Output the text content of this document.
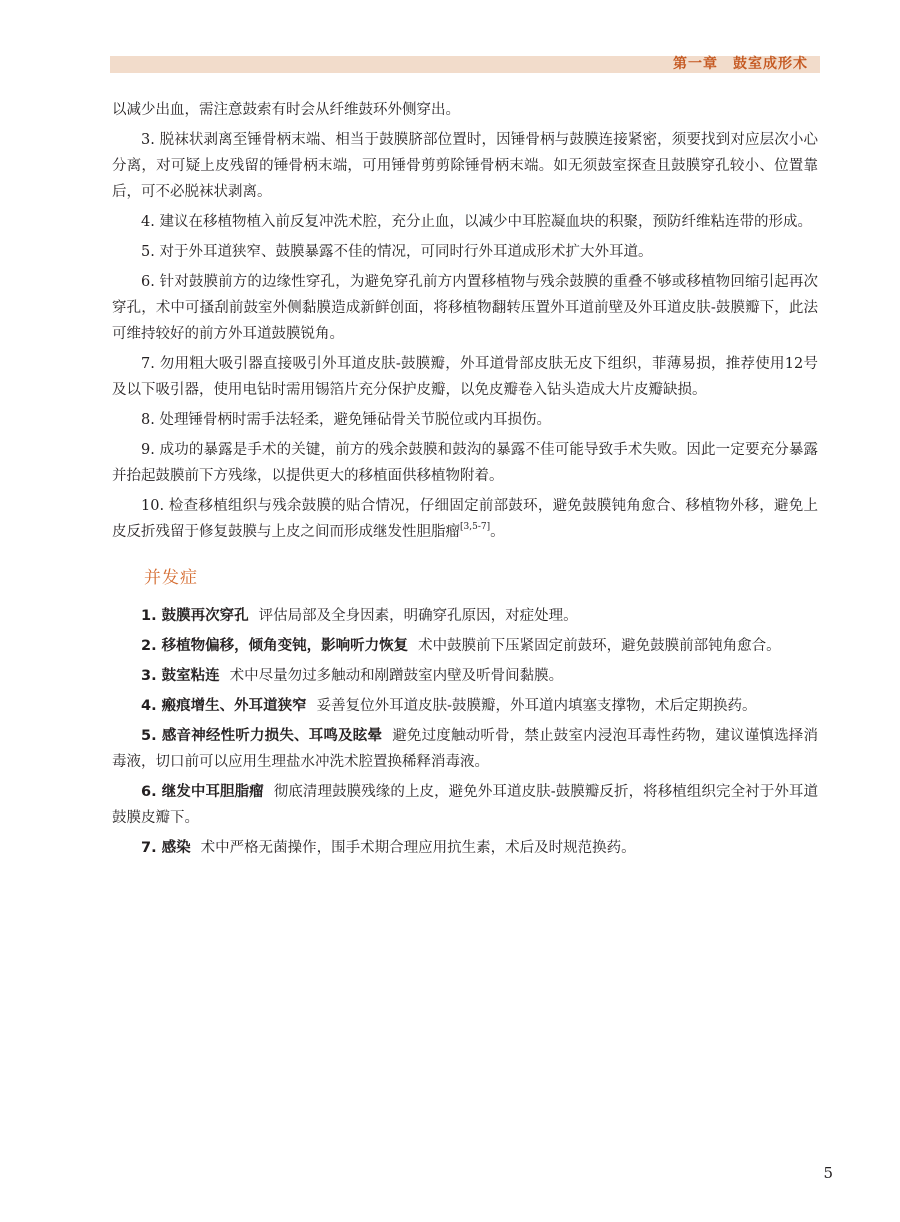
第一章　鼓室成形术

以减少出血，需注意鼓索有时会从纤维鼓环外侧穿出。

3. 脱袜状剥离至锤骨柄末端、相当于鼓膜脐部位置时，因锤骨柄与鼓膜连接紧密，须要找到对应层次小心分离，对可疑上皮残留的锤骨柄末端，可用锤骨剪剪除锤骨柄末端。如无须鼓室探查且鼓膜穿孔较小、位置靠后，可不必脱袜状剥离。

4. 建议在移植物植入前反复冲洗术腔，充分止血，以减少中耳腔凝血块的积聚，预防纤维粘连带的形成。

5. 对于外耳道狭窄、鼓膜暴露不佳的情况，可同时行外耳道成形术扩大外耳道。

6. 针对鼓膜前方的边缘性穿孔，为避免穿孔前方内置移植物与残余鼓膜的重叠不够或移植物回缩引起再次穿孔，术中可搔刮前鼓室外侧黏膜造成新鲜创面，将移植物翻转压置外耳道前壁及外耳道皮肤-鼓膜瓣下，此法可维持较好的前方外耳道鼓膜锐角。

7. 勿用粗大吸引器直接吸引外耳道皮肤-鼓膜瓣，外耳道骨部皮肤无皮下组织，菲薄易损，推荐使用12号及以下吸引器，使用电钻时需用锡箔片充分保护皮瓣，以免皮瓣卷入钻头造成大片皮瓣缺损。

8. 处理锤骨柄时需手法轻柔，避免锤砧骨关节脱位或内耳损伤。

9. 成功的暴露是手术的关键，前方的残余鼓膜和鼓沟的暴露不佳可能导致手术失败。因此一定要充分暴露并抬起鼓膜前下方残缘，以提供更大的移植面供移植物附着。

10. 检查移植组织与残余鼓膜的贴合情况，仔细固定前部鼓环，避免鼓膜钝角愈合、移植物外移，避免上皮反折残留于修复鼓膜与上皮之间而形成继发性胆脂瘤[3,5-7]。

并发症

1. 鼓膜再次穿孔 评估局部及全身因素，明确穿孔原因，对症处理。

2. 移植物偏移，倾角变钝，影响听力恢复 术中鼓膜前下压紧固定前鼓环，避免鼓膜前部钝角愈合。

3. 鼓室粘连 术中尽量勿过多触动和剐蹭鼓室内壁及听骨间黏膜。

4. 瘢痕增生、外耳道狭窄 妥善复位外耳道皮肤-鼓膜瓣，外耳道内填塞支撑物，术后定期换药。

5. 感音神经性听力损失、耳鸣及眩晕 避免过度触动听骨，禁止鼓室内浸泡耳毒性药物，建议谨慎选择消毒液，切口前可以应用生理盐水冲洗术腔置换稀释消毒液。

6. 继发中耳胆脂瘤 彻底清理鼓膜残缘的上皮，避免外耳道皮肤-鼓膜瓣反折，将移植组织完全衬于外耳道鼓膜皮瓣下。

7. 感染 术中严格无菌操作，围手术期合理应用抗生素，术后及时规范换药。

5
